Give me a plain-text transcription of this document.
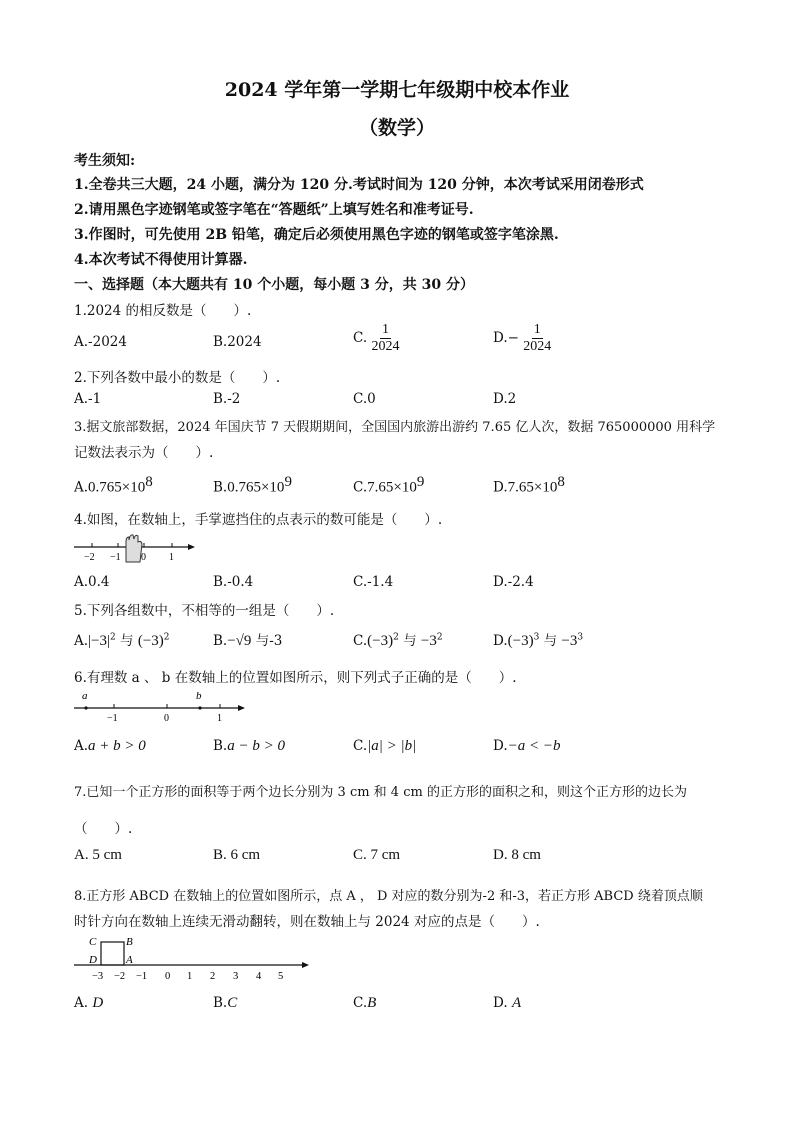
2024 学年第一学期七年级期中校本作业
（数学）
考生须知:
1.全卷共三大题，24 小题，满分为 120 分.考试时间为 120 分钟，本次考试采用闭卷形式
2.请用黑色字迹钢笔或签字笔在“答题纸”上填写姓名和准考证号.
3.作图时，可先使用 2B 铅笔，确定后必须使用黑色字迹的钢笔或签字笔涂黑.
4.本次考试不得使用计算器.
一、选择题（本大题共有 10 个小题，每小题 3 分，共 30 分）
1.2024 的相反数是（　　）.
A.-2024	B.2024	C. $\frac{1}{2024}$	$D.- \frac{1}{2024}$
2.下列各数中最小的数是（　　）.
A.-1	B.-2	C.0	D.2
3.据文旅部数据，2024 年国庆节 7 天假期期间，全国国内旅游出游约 7.65 亿人次，数据 765000000 用科学
记数法表示为（　　）.
$A.0.765\times 10^8$	$B.0.765\times 10^9$	$C.7.65\times 10^9$	$D.7.65\times 10^8$
4.如图，在数轴上，手掌遮挡住的点表示的数可能是（　　）.
−2 −1 0 1
A.0.4	B.-0.4	C.-1.4	D.-2.4
5.下列各组数中，不相等的一组是（　　）.
$A.|-3|^2$ 与 $(-3)^2$	B.−√9 与-3	$C.(-3)^2$ 与 $-3^2$	$D.(-3)^3$ 与 $-3^3$
6.有理数 a 、 b 在数轴上的位置如图所示，则下列式子正确的是（　　）.
a	b
−1	0	1
A.a + b > 0	B.a − b > 0	C.|a| > |b|	D.−a < −b
7.已知一个正方形的面积等于两个边长分别为 3 cm 和 4 cm 的正方形的面积之和，则这个正方形的边长为
（　　）.
A. 5 cm	B. 6 cm	C. 7 cm	D. 8 cm
8.正方形 ABCD 在数轴上的位置如图所示，点 A ， D 对应的数分别为-2 和-3，若正方形 ABCD 绕着顶点顺
时针方向在数轴上连续无滑动翻转，则在数轴上与 2024 对应的点是（　　）.
C	B
D	A
−3 −2 −1 0 1 2 3 4 5
A. D	B.C	C.B	D. A
